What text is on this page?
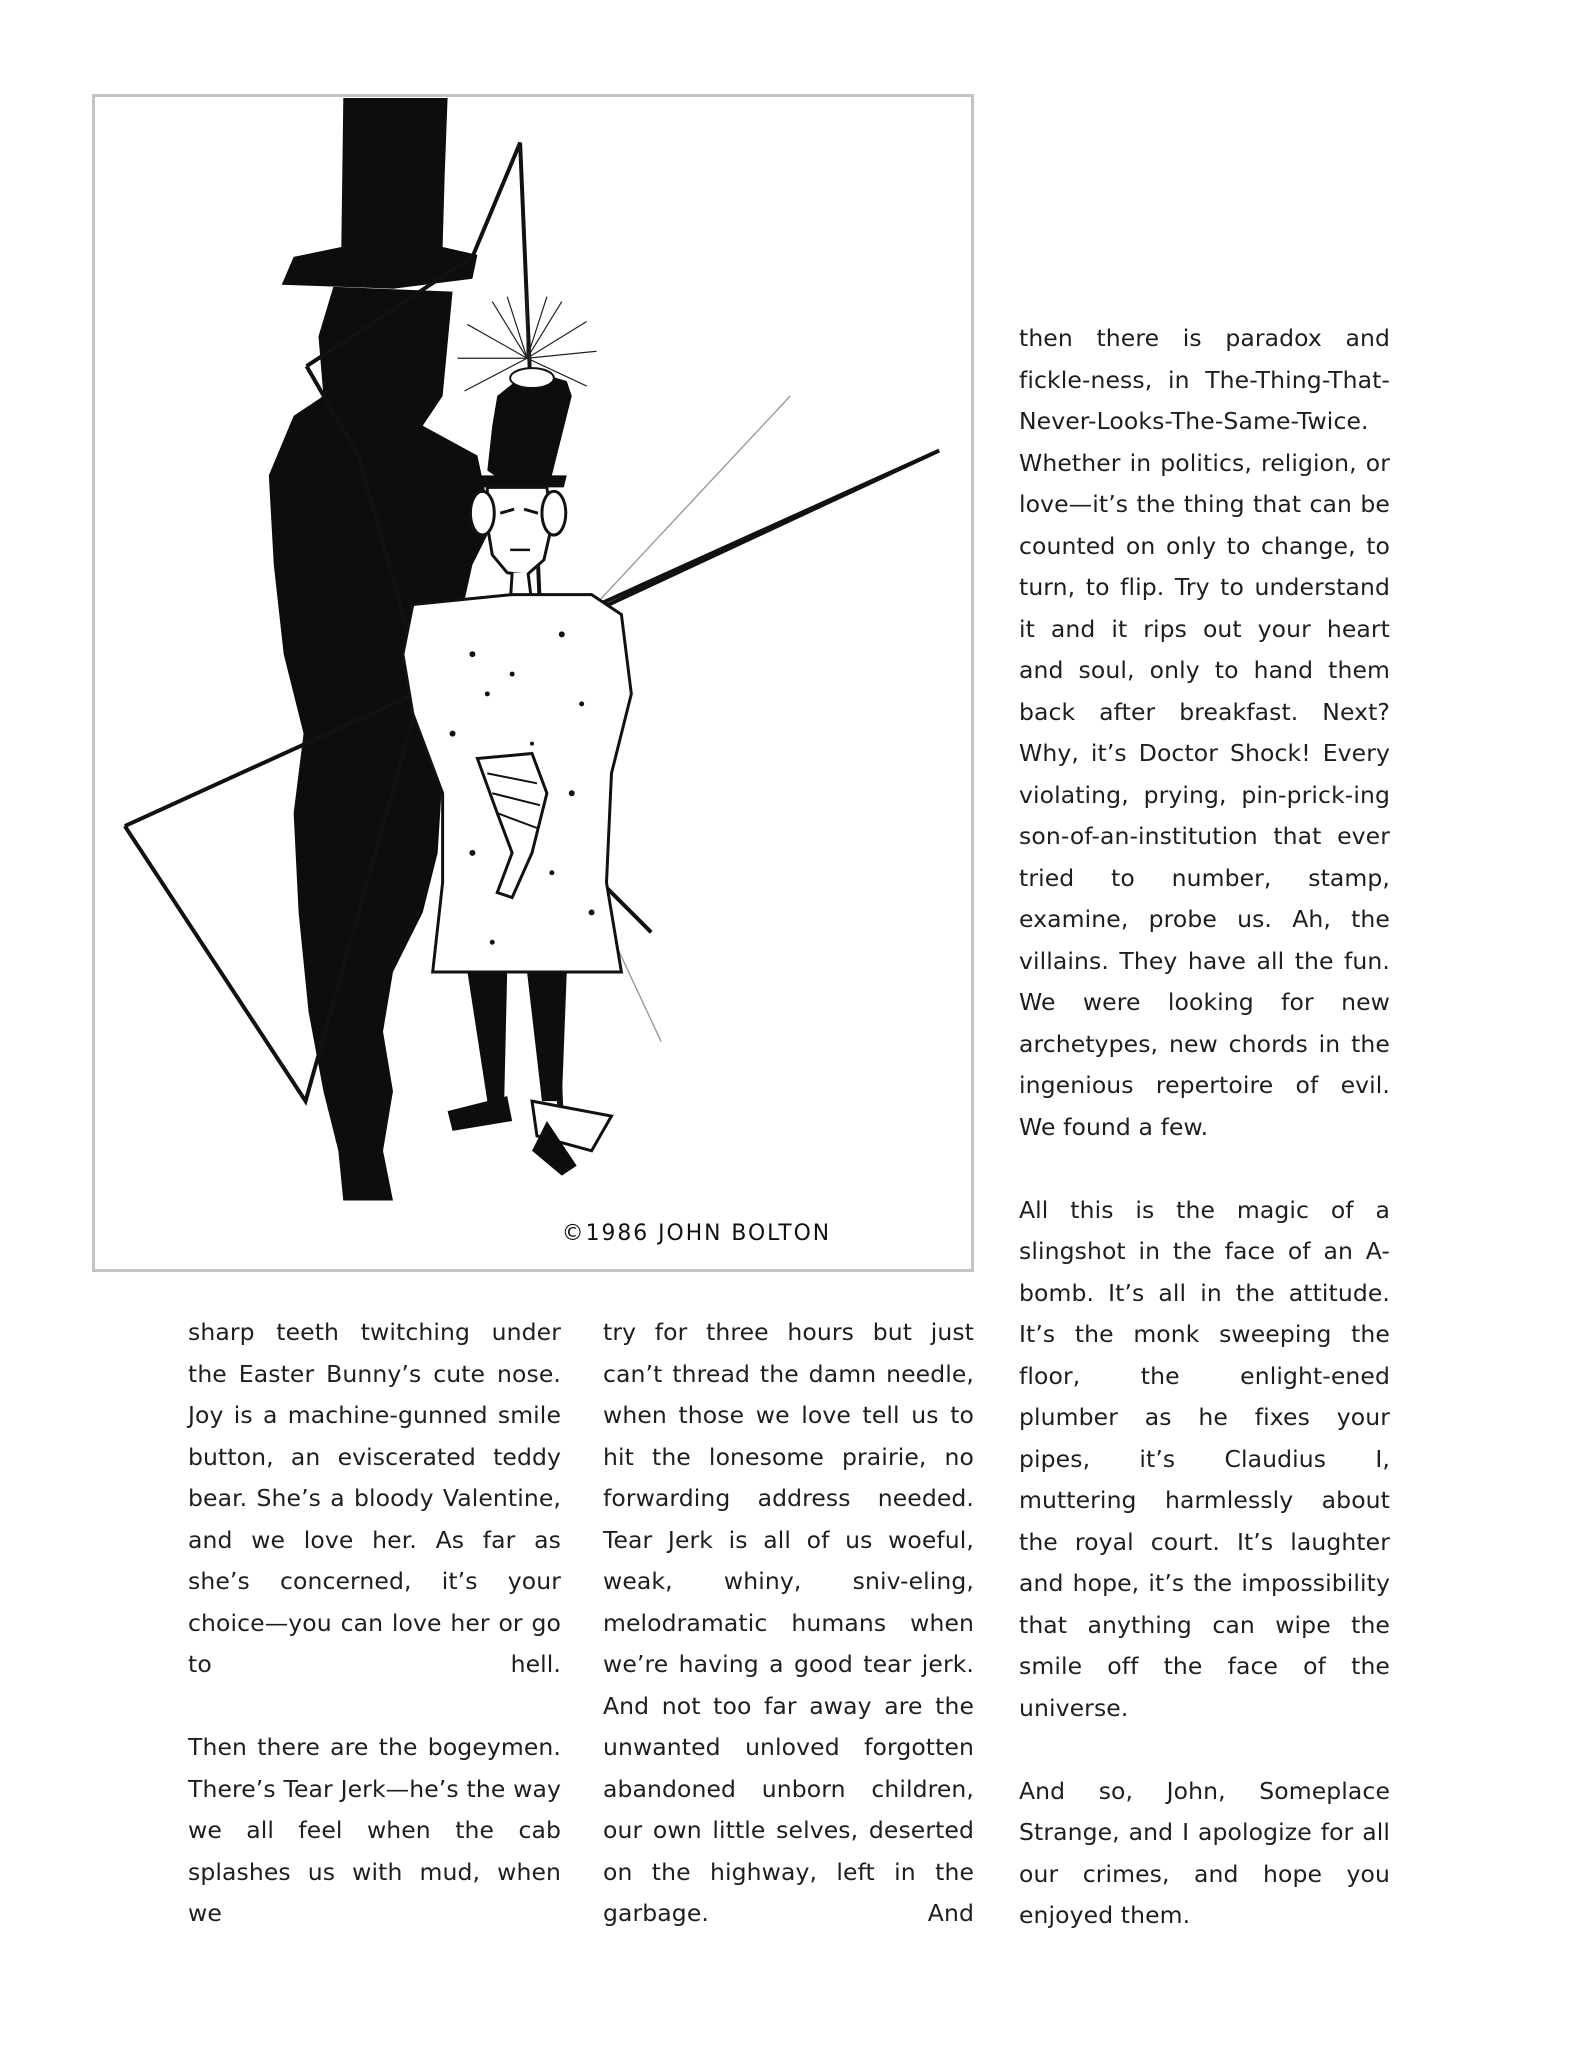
©1986 JOHN BOLTON

sharp teeth twitching under the Easter Bunny’s cute nose. Joy is a machine-gunned smile button, an eviscerated teddy bear. She’s a bloody Valentine, and we love her. As far as she’s concerned, it’s your choice—you can love her or go to hell.

Then there are the bogeymen. There’s Tear Jerk—he’s the way we all feel when the cab splashes us with mud, when we

try for three hours but just can’t thread the damn needle, when those we love tell us to hit the lonesome prairie, no forwarding address needed. Tear Jerk is all of us woeful, weak, whiny, sniv-eling, melodramatic humans when we’re having a good tear jerk. And not too far away are the unwanted unloved forgotten abandoned unborn children, our own little selves, deserted on the highway, left in the garbage. And

then there is paradox and fickle-ness, in The-Thing-That-Never-Looks-The-Same-Twice. Whether in politics, religion, or love—it’s the thing that can be counted on only to change, to turn, to flip. Try to understand it and it rips out your heart and soul, only to hand them back after breakfast. Next? Why, it’s Doctor Shock! Every violating, prying, pin-prick-ing son-of-an-institution that ever tried to number, stamp, examine, probe us. Ah, the villains. They have all the fun. We were looking for new archetypes, new chords in the ingenious repertoire of evil. We found a few.

All this is the magic of a slingshot in the face of an A-bomb. It’s all in the attitude. It’s the monk sweeping the floor, the enlight-ened plumber as he fixes your pipes, it’s Claudius I, muttering harmlessly about the royal court. It’s laughter and hope, it’s the impossibility that anything can wipe the smile off the face of the universe.

And so, John, Someplace Strange, and I apologize for all our crimes, and hope you enjoyed them.
